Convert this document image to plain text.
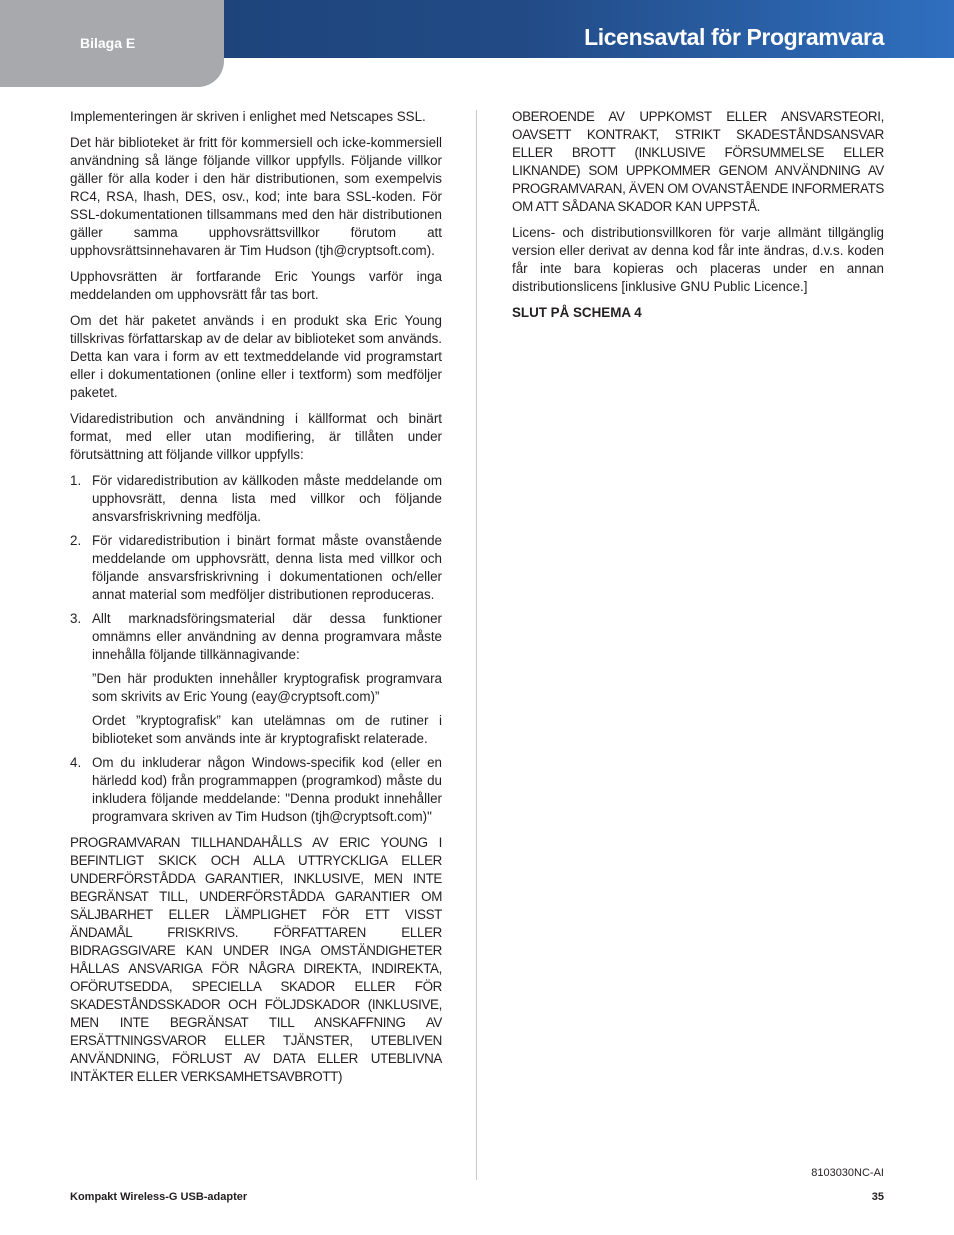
Bilaga E	Licensavtal för Programvara

Implementeringen är skriven i enlighet med Netscapes SSL.

Det här biblioteket är fritt för kommersiell och icke-kommersiell användning så länge följande villkor uppfylls. Följande villkor gäller för alla koder i den här distributionen, som exempelvis RC4, RSA, lhash, DES, osv., kod; inte bara SSL-koden. För SSL-dokumentationen tillsammans med den här distributionen gäller samma upphovsrättsvillkor förutom att upphovsrättsinnehavaren är Tim Hudson (tjh@cryptsoft.com).

Upphovsrätten är fortfarande Eric Youngs varför inga meddelanden om upphovsrätt får tas bort.

Om det här paketet används i en produkt ska Eric Young tillskrivas författarskap av de delar av biblioteket som används. Detta kan vara i form av ett textmeddelande vid programstart eller i dokumentationen (online eller i textform) som medföljer paketet.

Vidaredistribution och användning i källformat och binärt format, med eller utan modifiering, är tillåten under förutsättning att följande villkor uppfylls:

1. För vidaredistribution av källkoden måste meddelande om upphovsrätt, denna lista med villkor och följande ansvarsfriskrivning medfölja.

2. För vidaredistribution i binärt format måste ovanstående meddelande om upphovsrätt, denna lista med villkor och följande ansvarsfriskrivning i dokumentationen och/eller annat material som medföljer distributionen reproduceras.

3. Allt marknadsföringsmaterial där dessa funktioner omnämns eller användning av denna programvara måste innehålla följande tillkännagivande:

”Den här produkten innehåller kryptografisk programvara som skrivits av Eric Young (eay@cryptsoft.com)”

Ordet ”kryptografisk” kan utelämnas om de rutiner i biblioteket som används inte är kryptografiskt relaterade.

4. Om du inkluderar någon Windows-specifik kod (eller en härledd kod) från programmappen (programkod) måste du inkludera följande meddelande: "Denna produkt innehåller programvara skriven av Tim Hudson (tjh@cryptsoft.com)"

PROGRAMVARAN TILLHANDAHÅLLS AV ERIC YOUNG I BEFINTLIGT SKICK OCH ALLA UTTRYCKLIGA ELLER UNDERFÖRSTÅDDA GARANTIER, INKLUSIVE, MEN INTE BEGRÄNSAT TILL, UNDERFÖRSTÅDDA GARANTIER OM SÄLJBARHET ELLER LÄMPLIGHET FÖR ETT VISST ÄNDAMÅL FRISKRIVS. FÖRFATTAREN ELLER BIDRAGSGIVARE KAN UNDER INGA OMSTÄNDIGHETER HÅLLAS ANSVARIGA FÖR NÅGRA DIREKTA, INDIREKTA, OFÖRUTSEDDA, SPECIELLA SKADOR ELLER FÖR SKADESTÅNDSSKADOR OCH FÖLJDSKADOR (INKLUSIVE, MEN INTE BEGRÄNSAT TILL ANSKAFFNING AV ERSÄTTNINGSVAROR ELLER TJÄNSTER, UTEBLIVEN ANVÄNDNING, FÖRLUST AV DATA ELLER UTEBLIVNA INTÄKTER ELLER VERKSAMHETSAVBROTT)

OBEROENDE AV UPPKOMST ELLER ANSVARSTEORI, OAVSETT KONTRAKT, STRIKT SKADESTÅNDSANSVAR ELLER BROTT (INKLUSIVE FÖRSUMMELSE ELLER LIKNANDE) SOM UPPKOMMER GENOM ANVÄNDNING AV PROGRAMVARAN, ÄVEN OM OVANSTÅENDE INFORMERATS OM ATT SÅDANA SKADOR KAN UPPSTÅ.

Licens- och distributionsvillkoren för varje allmänt tillgänglig version eller derivat av denna kod får inte ändras, d.v.s. koden får inte bara kopieras och placeras under en annan distributionslicens [inklusive GNU Public Licence.]

SLUT PÅ SCHEMA 4

8103030NC-AI
Kompakt Wireless-G USB-adapter	35
